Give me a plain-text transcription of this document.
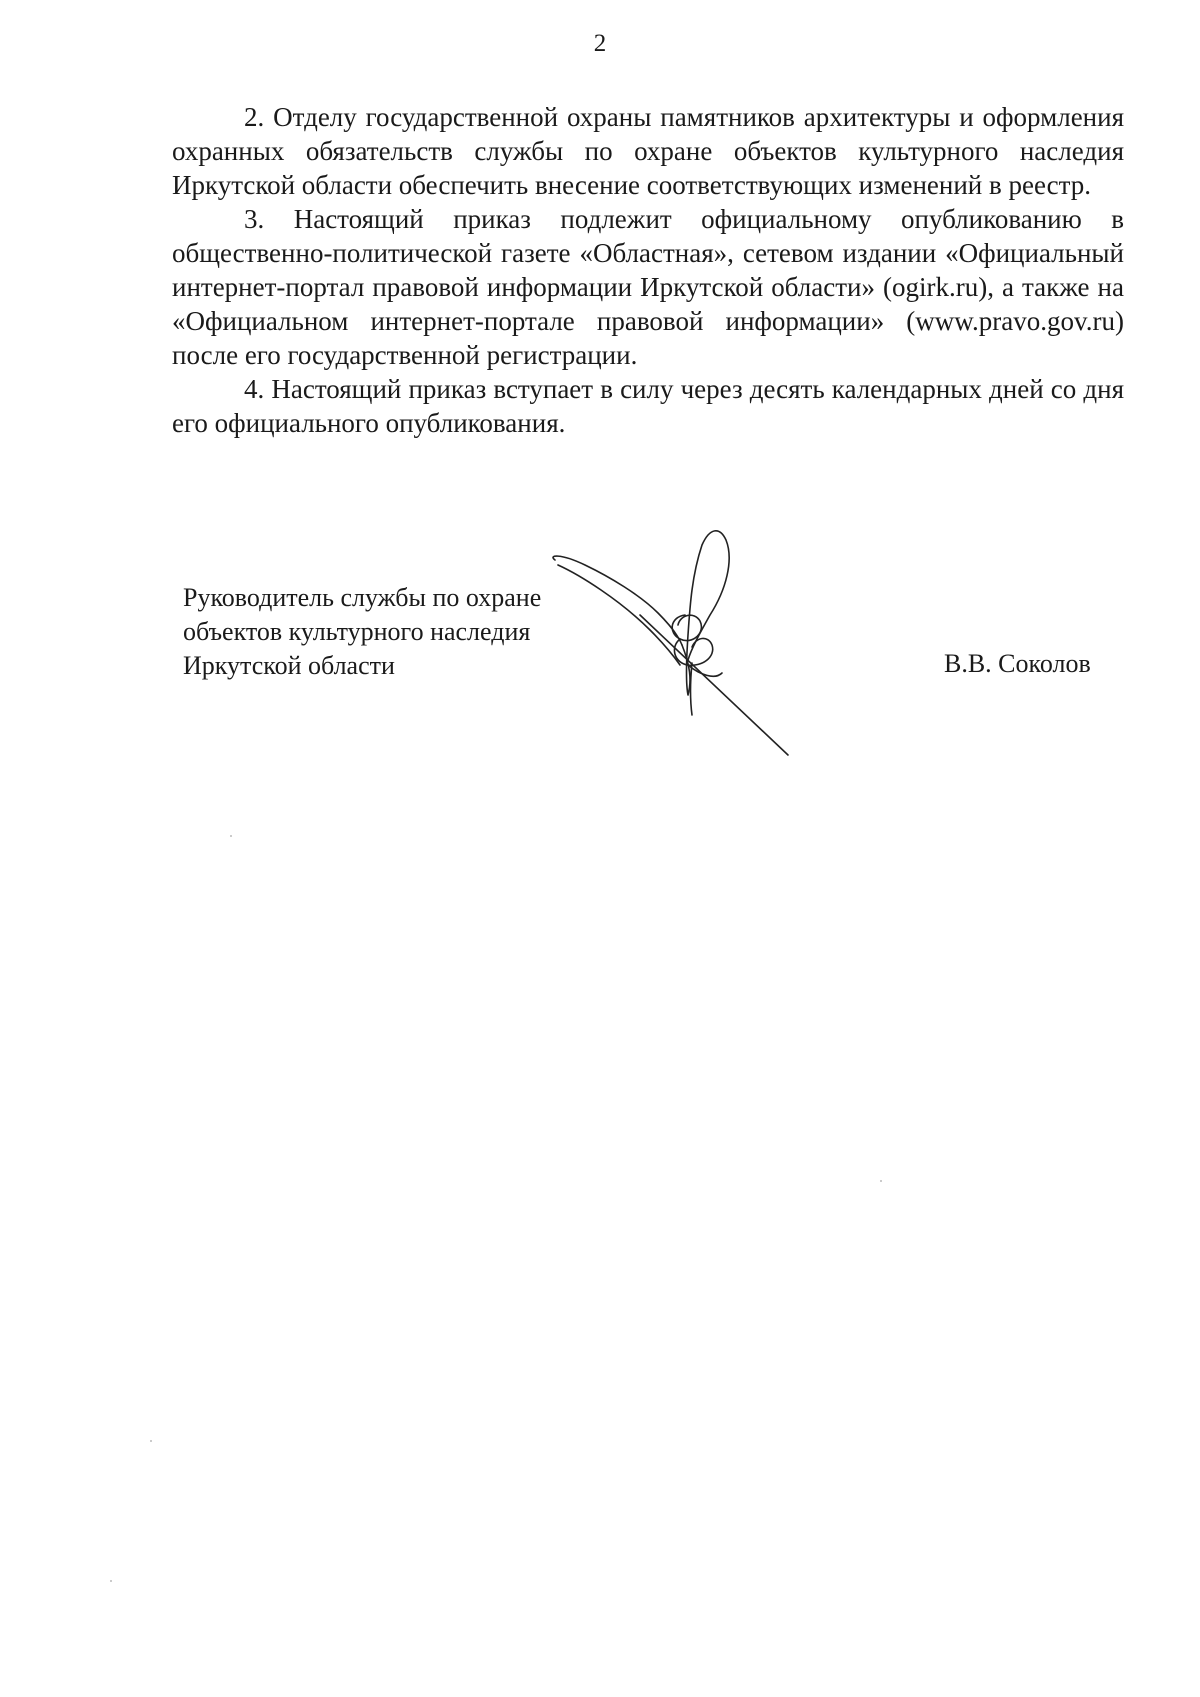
2

2. Отделу государственной охраны памятников архитектуры и оформления охранных обязательств службы по охране объектов культурного наследия Иркутской области обеспечить внесение соответствующих изменений в реестр.

3. Настоящий приказ подлежит официальному опубликованию в общественно-политической газете «Областная», сетевом издании «Официальный интернет-портал правовой информации Иркутской области» (ogirk.ru), а также на «Официальном интернет-портале правовой информации» (www.pravo.gov.ru) после его государственной регистрации.

4. Настоящий приказ вступает в силу через десять календарных дней со дня его официального опубликования.

Руководитель службы по охране
объектов культурного наследия
Иркутской области	В.В. Соколов
